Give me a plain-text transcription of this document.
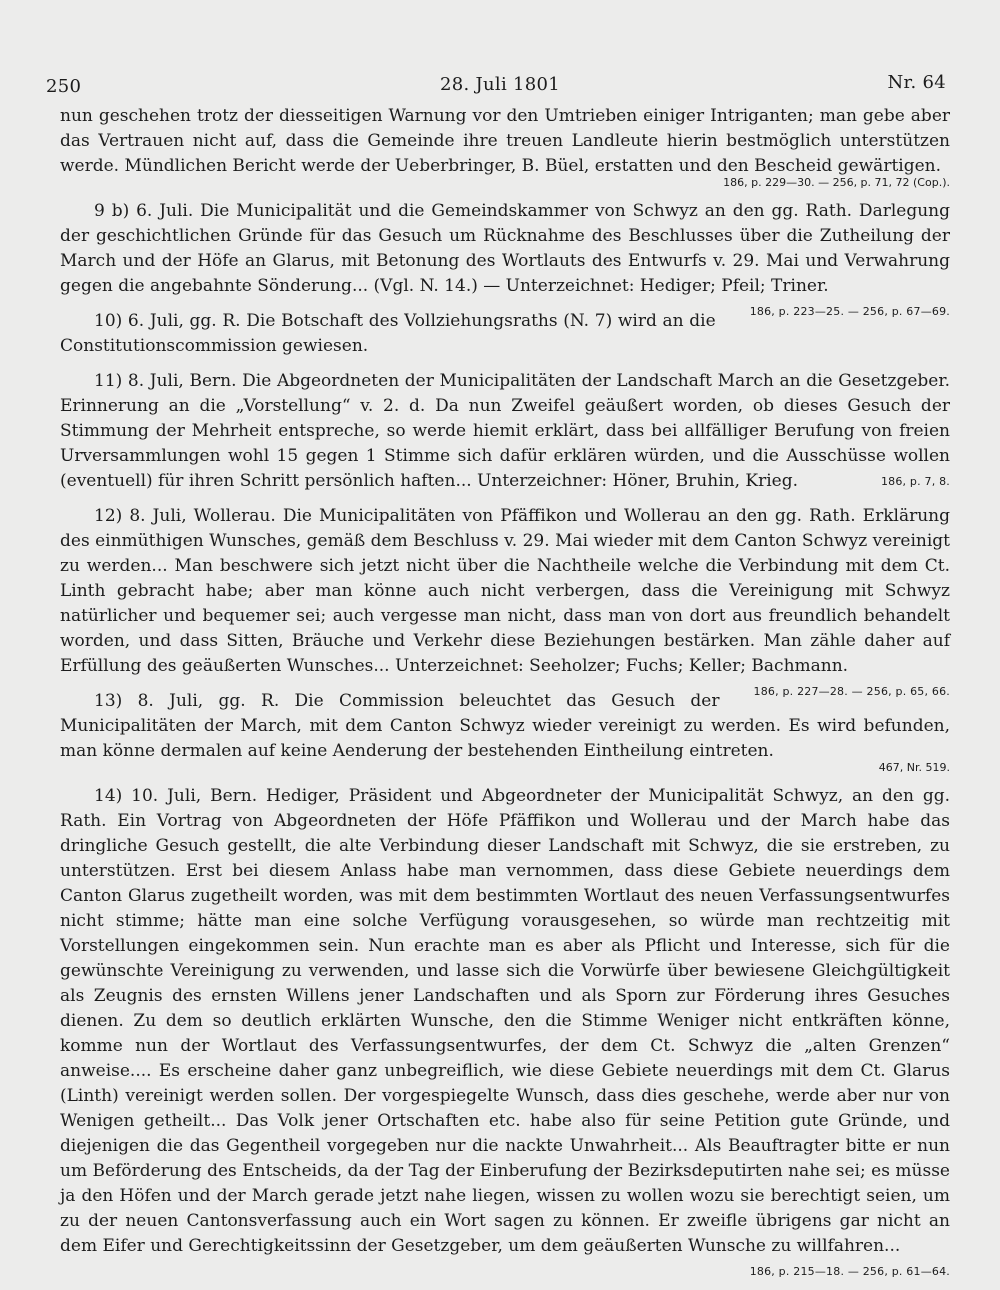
250	28. Juli 1801	Nr. 64

nun geschehen trotz der diesseitigen Warnung vor den Umtrieben einiger Intriganten; man gebe aber das Vertrauen nicht auf, dass die Gemeinde ihre treuen Landleute hierin bestmöglich unterstützen werde. Mündlichen Bericht werde der Ueberbringer, B. Büel, erstatten und den Bescheid gewärtigen.

186, p. 229—30. — 256, p. 71, 72 (Cop.).

9 b) 6. Juli. Die Municipalität und die Gemeindskammer von Schwyz an den gg. Rath. Darlegung der geschichtlichen Gründe für das Gesuch um Rücknahme des Beschlusses über die Zutheilung der March und der Höfe an Glarus, mit Betonung des Wortlauts des Entwurfs v. 29. Mai und Verwahrung gegen die angebahnte Sönderung... (Vgl. N. 14.) — Unterzeichnet: Hediger; Pfeil; Triner.
186, p. 223—25. — 256, p. 67—69.

10) 6. Juli, gg. R. Die Botschaft des Vollziehungsraths (N. 7) wird an die Constitutionscommission gewiesen.

11) 8. Juli, Bern. Die Abgeordneten der Municipalitäten der Landschaft March an die Gesetzgeber. Erinnerung an die „Vorstellung“ v. 2. d. Da nun Zweifel geäußert worden, ob dieses Gesuch der Stimmung der Mehrheit entspreche, so werde hiemit erklärt, dass bei allfälliger Berufung von freien Urversammlungen wohl 15 gegen 1 Stimme sich dafür erklären würden, und die Ausschüsse wollen (eventuell) für ihren Schritt persönlich haften... Unterzeichner: Höner, Bruhin, Krieg.	186, p. 7, 8.

12) 8. Juli, Wollerau. Die Municipalitäten von Pfäffikon und Wollerau an den gg. Rath. Erklärung des einmüthigen Wunsches, gemäß dem Beschluss v. 29. Mai wieder mit dem Canton Schwyz vereinigt zu werden... Man beschwere sich jetzt nicht über die Nachtheile welche die Verbindung mit dem Ct. Linth gebracht habe; aber man könne auch nicht verbergen, dass die Vereinigung mit Schwyz natürlicher und bequemer sei; auch vergesse man nicht, dass man von dort aus freundlich behandelt worden, und dass Sitten, Bräuche und Verkehr diese Beziehungen bestärken. Man zähle daher auf Erfüllung des geäußerten Wunsches... Unterzeichnet: Seeholzer; Fuchs; Keller; Bachmann.
186, p. 227—28. — 256, p. 65, 66.

13) 8. Juli, gg. R. Die Commission beleuchtet das Gesuch der Municipalitäten der March, mit dem Canton Schwyz wieder vereinigt zu werden. Es wird befunden, man könne dermalen auf keine Aenderung der bestehenden Eintheilung eintreten.

467, Nr. 519.

14) 10. Juli, Bern. Hediger, Präsident und Abgeordneter der Municipalität Schwyz, an den gg. Rath. Ein Vortrag von Abgeordneten der Höfe Pfäffikon und Wollerau und der March habe das dringliche Gesuch gestellt, die alte Verbindung dieser Landschaft mit Schwyz, die sie erstreben, zu unterstützen. Erst bei diesem Anlass habe man vernommen, dass diese Gebiete neuerdings dem Canton Glarus zugetheilt worden, was mit dem bestimmten Wortlaut des neuen Verfassungsentwurfes nicht stimme; hätte man eine solche Verfügung vorausgesehen, so würde man rechtzeitig mit Vorstellungen eingekommen sein. Nun erachte man es aber als Pflicht und Interesse, sich für die gewünschte Vereinigung zu verwenden, und lasse sich die Vorwürfe über bewiesene Gleichgültigkeit als Zeugnis des ernsten Willens jener Landschaften und als Sporn zur Förderung ihres Gesuches dienen. Zu dem so deutlich erklärten Wunsche, den die Stimme Weniger nicht entkräften könne, komme nun der Wortlaut des Verfassungsentwurfes, der dem Ct. Schwyz die „alten Grenzen“ anweise.... Es erscheine daher ganz unbegreiflich, wie diese Gebiete neuerdings mit dem Ct. Glarus (Linth) vereinigt werden sollen. Der vorgespiegelte Wunsch, dass dies geschehe, werde aber nur von Wenigen getheilt... Das Volk jener Ortschaften etc. habe also für seine Petition gute Gründe, und diejenigen die das Gegentheil vorgegeben nur die nackte Unwahrheit... Als Beauftragter bitte er nun um Beförderung des Entscheids, da der Tag der Einberufung der Bezirksdeputirten nahe sei; es müsse ja den Höfen und der March gerade jetzt nahe liegen, wissen zu wollen wozu sie berechtigt seien, um zu der neuen Cantonsverfassung auch ein Wort sagen zu können. Er zweifle übrigens gar nicht an dem Eifer und Gerechtigkeitssinn der Gesetzgeber, um dem geäußerten Wunsche zu willfahren...
186, p. 215—18. — 256, p. 61—64.
